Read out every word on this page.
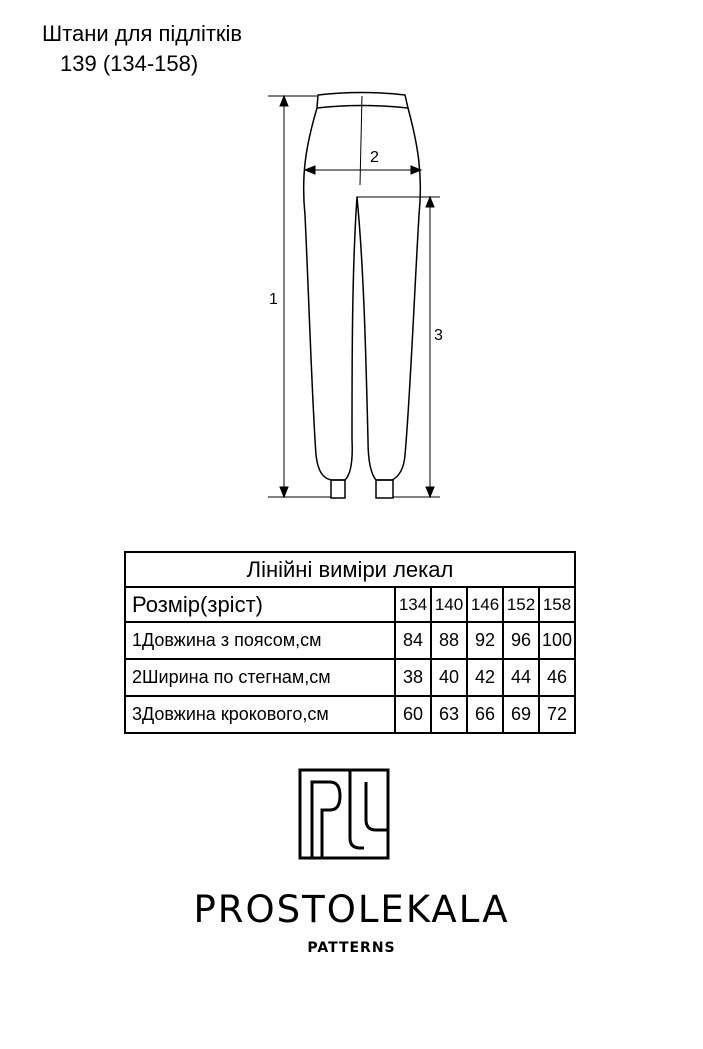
Штани для підлітків
139 (134-158)
1
2
3
Лінійні виміри лекал					
Розмір(зріст)	134	140	146	152	158
1Довжина з поясом,см	84	88	92	96	100
2Ширина по стегнам,см	38	40	42	44	46
3Довжина крокового,см	60	63	66	69	72
PROSTOLEKALA
PATTERNS
